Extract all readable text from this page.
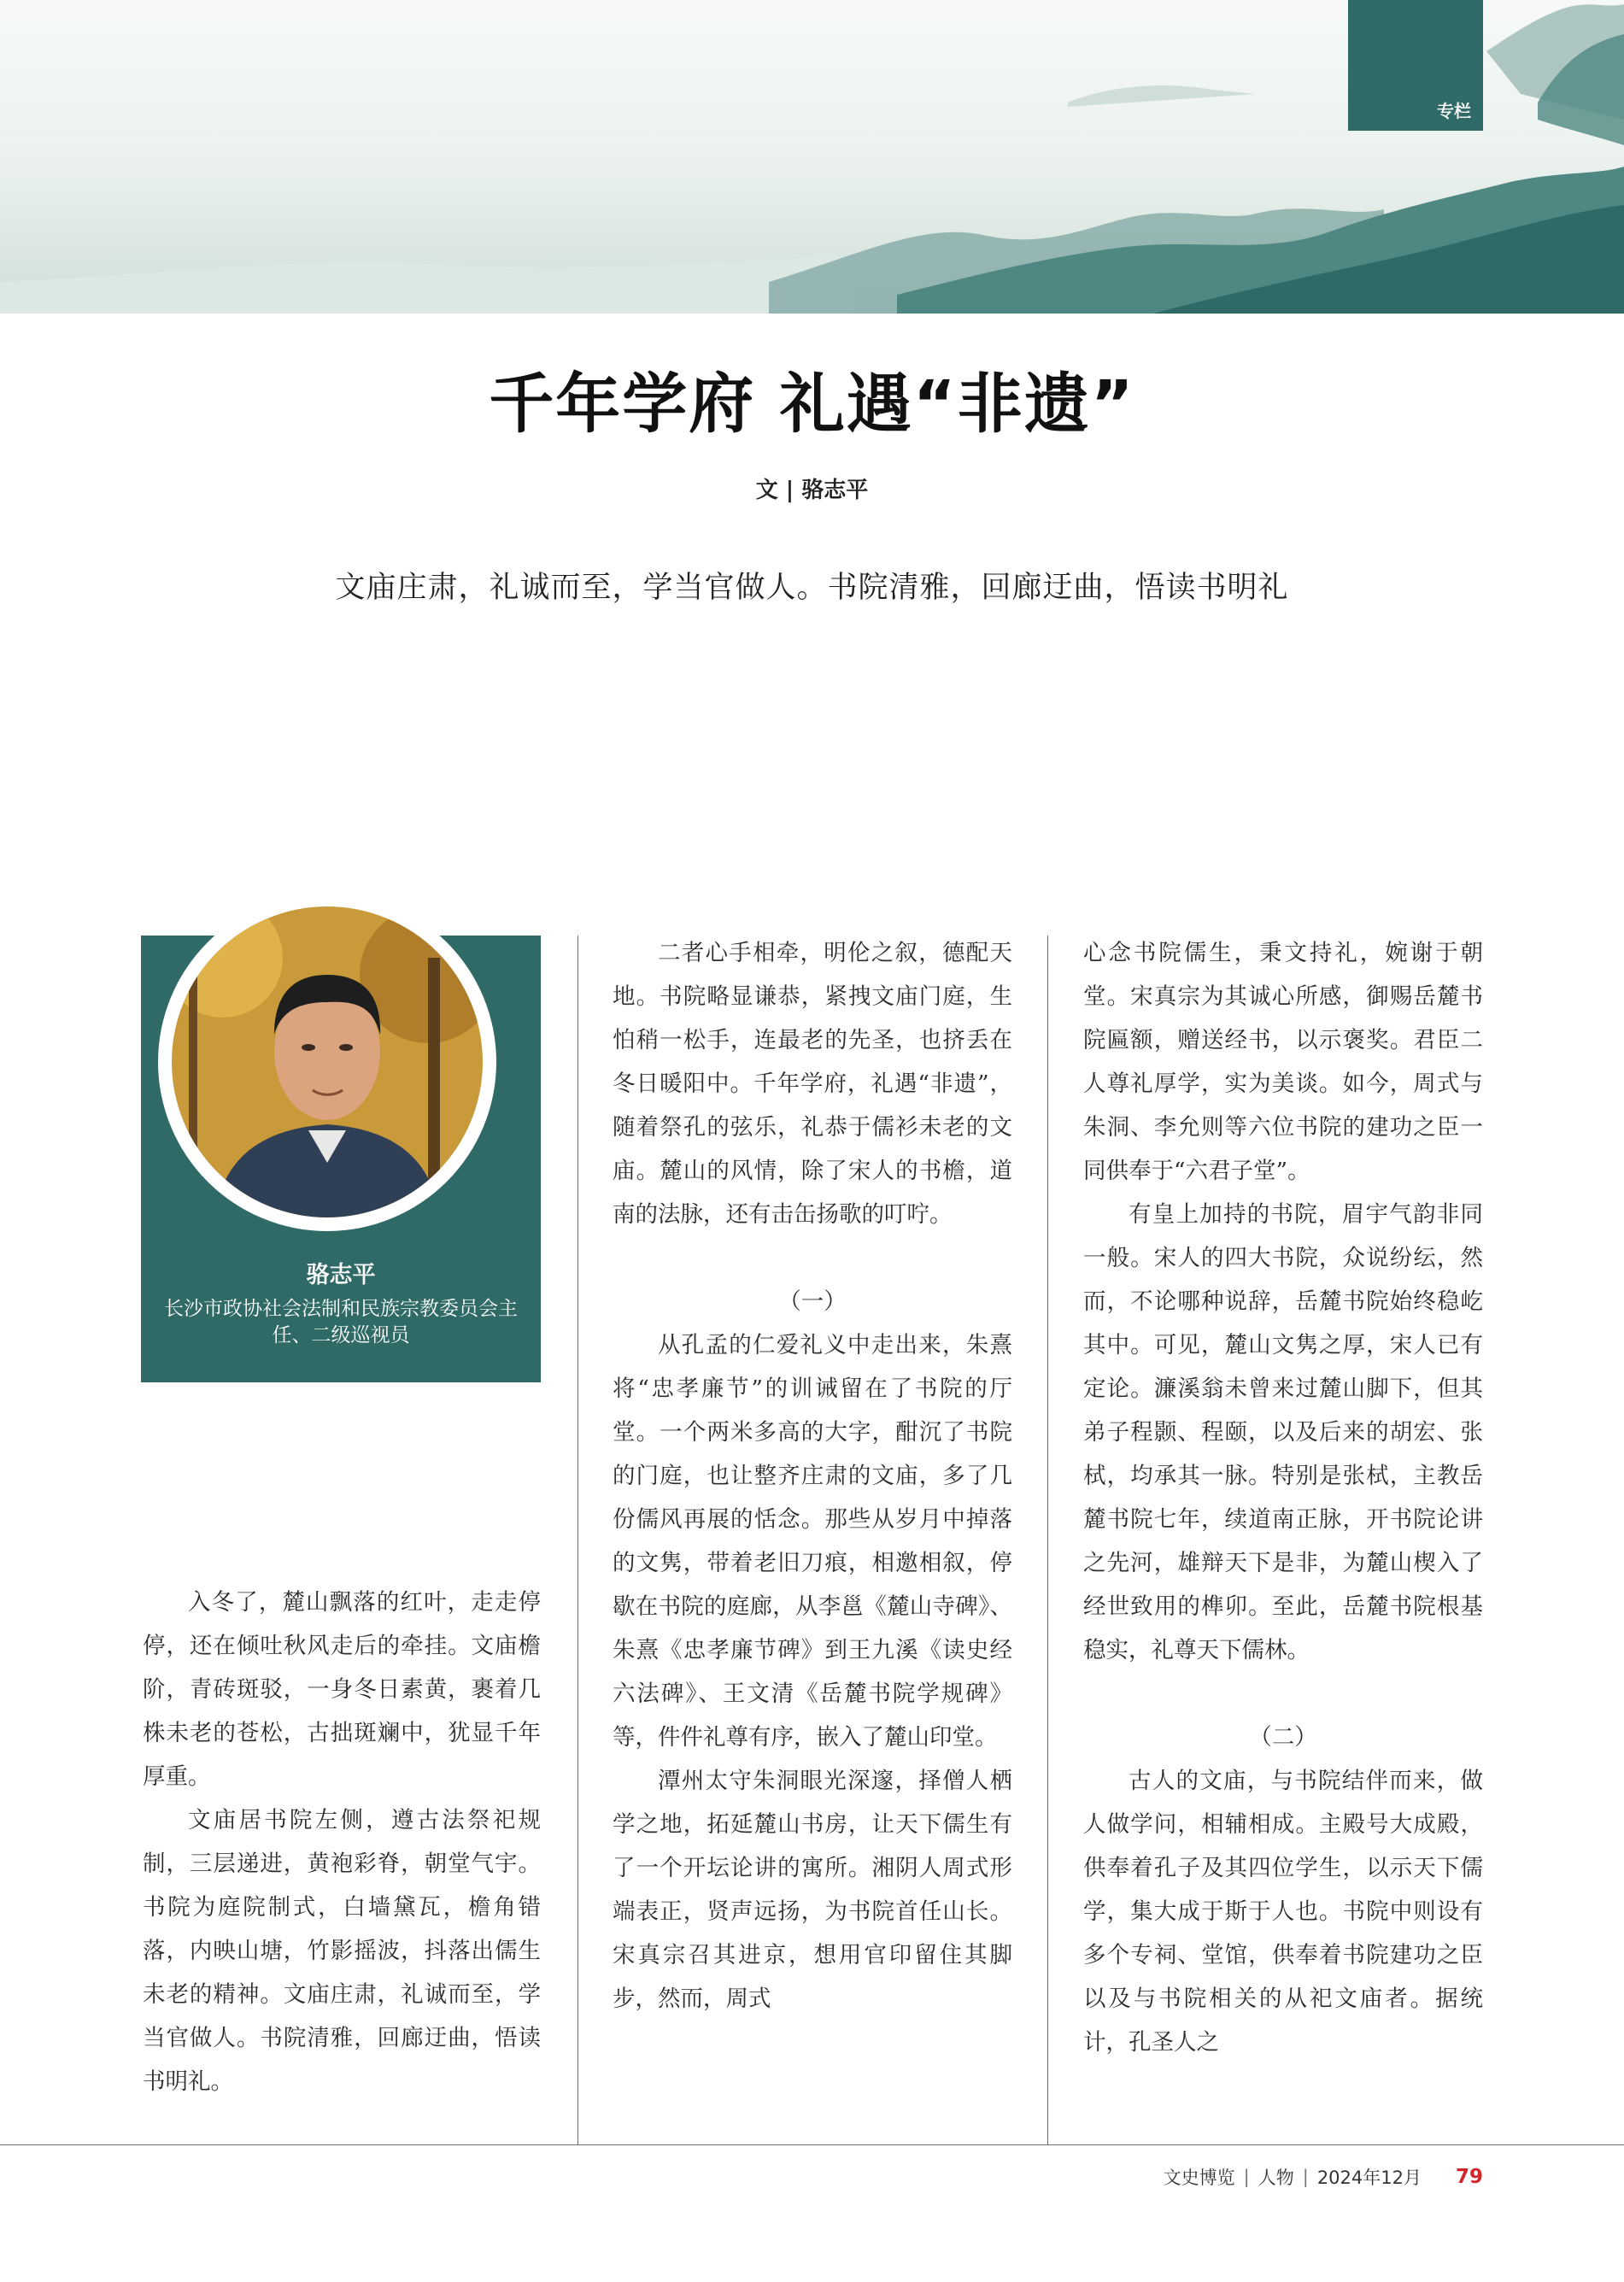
专栏
千年学府 礼遇“非遗”
文 | 骆志平
文庙庄肃，礼诚而至，学当官做人。书院清雅，回廊迂曲，悟读书明礼
骆志平
长沙市政协社会法制和民族宗教委员会主任、二级巡视员

入冬了，麓山飘落的红叶，走走停停，还在倾吐秋风走后的牵挂。文庙檐阶，青砖斑驳，一身冬日素黄，裹着几株未老的苍松，古拙斑斓中，犹显千年厚重。

文庙居书院左侧，遵古法祭祀规制，三层递进，黄袍彩脊，朝堂气宇。书院为庭院制式，白墙黛瓦，檐角错落，内映山塘，竹影摇波，抖落出儒生未老的精神。文庙庄肃，礼诚而至，学当官做人。书院清雅，回廊迂曲，悟读书明礼。

二者心手相牵，明伦之叙，德配天地。书院略显谦恭，紧拽文庙门庭，生怕稍一松手，连最老的先圣，也挤丢在冬日暖阳中。千年学府，礼遇“非遗”，随着祭孔的弦乐，礼恭于儒衫未老的文庙。麓山的风情，除了宋人的书檐，道南的法脉，还有击缶扬歌的叮咛。

（一）

从孔孟的仁爱礼义中走出来，朱熹将“忠孝廉节”的训诫留在了书院的厅堂。一个两米多高的大字，酣沉了书院的门庭，也让整齐庄肃的文庙，多了几份儒风再展的恬念。那些从岁月中掉落的文隽，带着老旧刀痕，相邀相叙，停歇在书院的庭廊，从李邕《麓山寺碑》、朱熹《忠孝廉节碑》到王九溪《读史经六法碑》、王文清《岳麓书院学规碑》等，件件礼尊有序，嵌入了麓山印堂。

潭州太守朱洞眼光深邃，择僧人栖学之地，拓延麓山书房，让天下儒生有了一个开坛论讲的寓所。湘阴人周式形端表正，贤声远扬，为书院首任山长。宋真宗召其进京，想用官印留住其脚步，然而，周式

心念书院儒生，秉文持礼，婉谢于朝堂。宋真宗为其诚心所感，御赐岳麓书院匾额，赠送经书，以示褒奖。君臣二人尊礼厚学，实为美谈。如今，周式与朱洞、李允则等六位书院的建功之臣一同供奉于“六君子堂”。

有皇上加持的书院，眉宇气韵非同一般。宋人的四大书院，众说纷纭，然而，不论哪种说辞，岳麓书院始终稳屹其中。可见，麓山文隽之厚，宋人已有定论。濂溪翁未曾来过麓山脚下，但其弟子程颢、程颐，以及后来的胡宏、张栻，均承其一脉。特别是张栻，主教岳麓书院七年，续道南正脉，开书院论讲之先河，雄辩天下是非，为麓山楔入了经世致用的榫卯。至此，岳麓书院根基稳实，礼尊天下儒林。

（二）

古人的文庙，与书院结伴而来，做人做学问，相辅相成。主殿号大成殿，供奉着孔子及其四位学生，以示天下儒学，集大成于斯于人也。书院中则设有多个专祠、堂馆，供奉着书院建功之臣以及与书院相关的从祀文庙者。据统计，孔圣人之

文史博览 | 人物 | 2024年12月 79
